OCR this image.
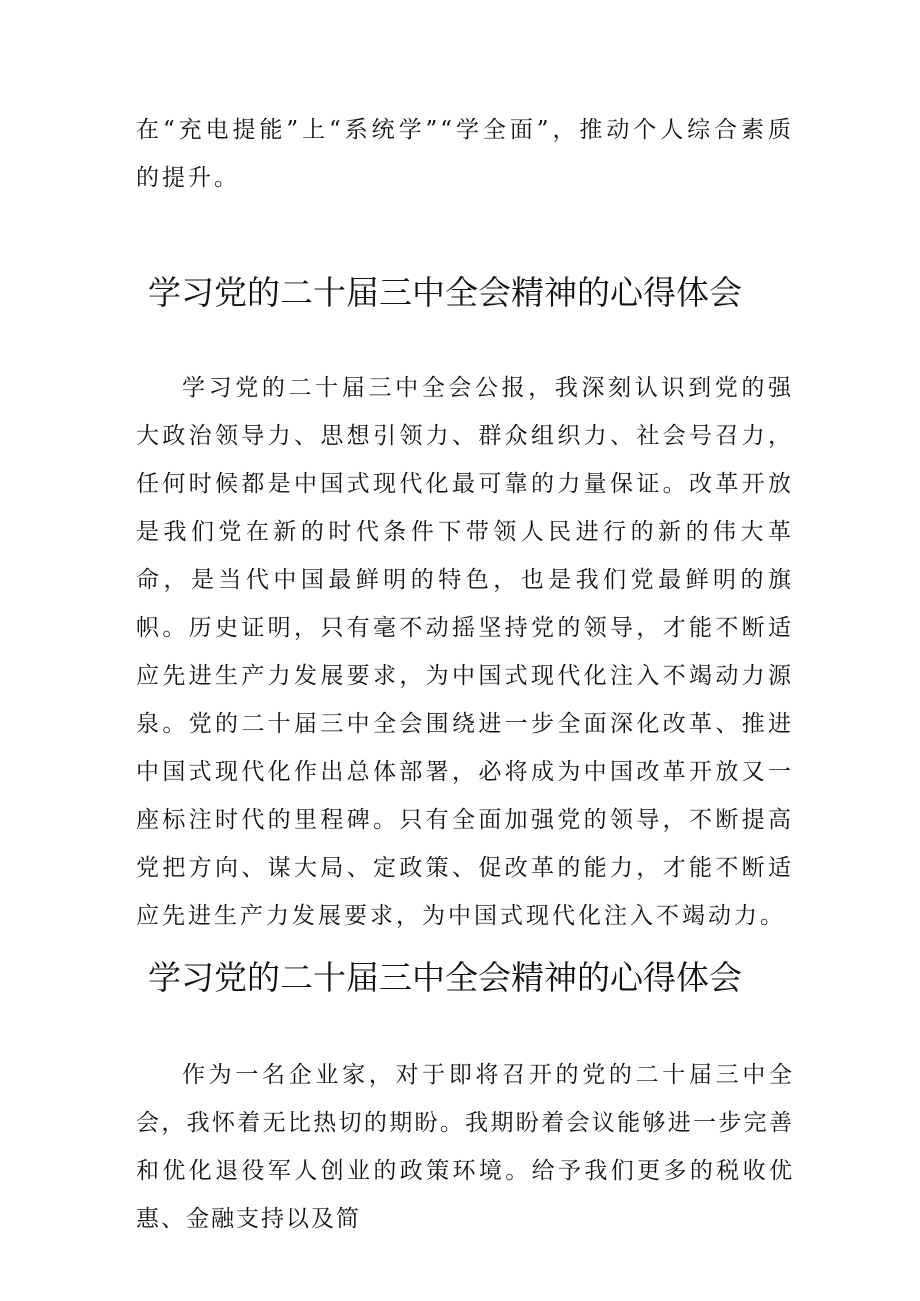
在“充电提能”上“系统学”“学全面”，推动个人综合素质的提升。

学习党的二十届三中全会精神的心得体会

学习党的二十届三中全会公报，我深刻认识到党的强大政治领导力、思想引领力、群众组织力、社会号召力，任何时候都是中国式现代化最可靠的力量保证。改革开放是我们党在新的时代条件下带领人民进行的新的伟大革命，是当代中国最鲜明的特色，也是我们党最鲜明的旗帜。历史证明，只有毫不动摇坚持党的领导，才能不断适应先进生产力发展要求，为中国式现代化注入不竭动力源泉。党的二十届三中全会围绕进一步全面深化改革、推进中国式现代化作出总体部署，必将成为中国改革开放又一座标注时代的里程碑。只有全面加强党的领导，不断提高党把方向、谋大局、定政策、促改革的能力，才能不断适应先进生产力发展要求，为中国式现代化注入不竭动力。

学习党的二十届三中全会精神的心得体会

作为一名企业家，对于即将召开的党的二十届三中全会，我怀着无比热切的期盼。我期盼着会议能够进一步完善和优化退役军人创业的政策环境。给予我们更多的税收优惠、金融支持以及简
